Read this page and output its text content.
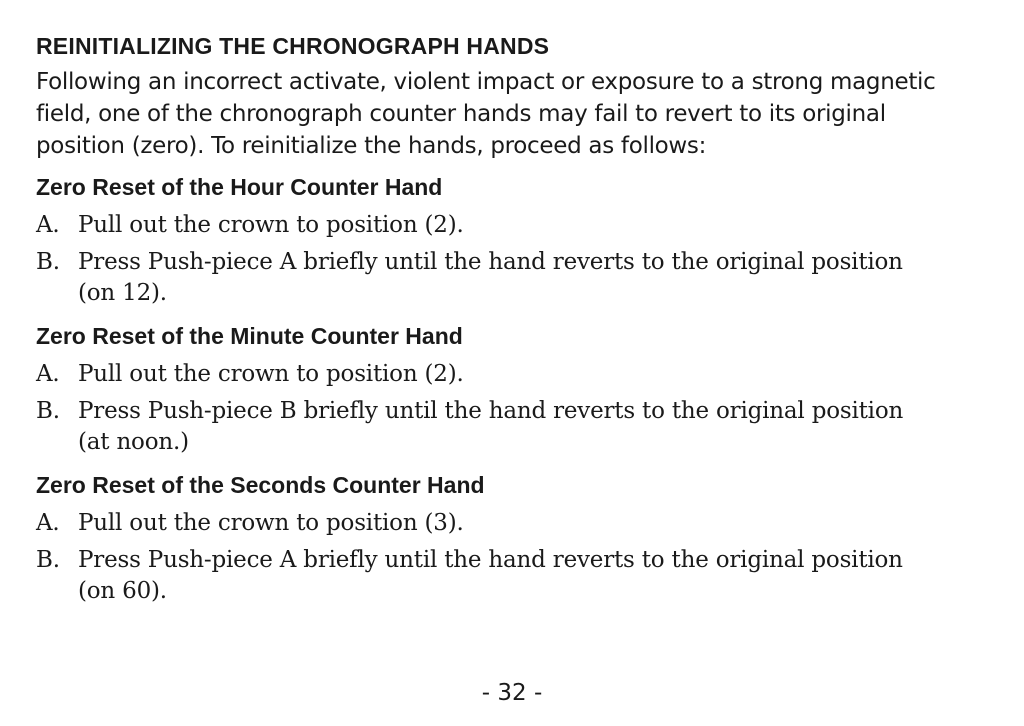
REINITIALIZING THE CHRONOGRAPH HANDS

Following an incorrect activate, violent impact or exposure to a strong magnetic field, one of the chronograph counter hands may fail to revert to its original position (zero). To reinitialize the hands, proceed as follows:

Zero Reset of the Hour Counter Hand
A. Pull out the crown to position (2).
B. Press Push-piece A briefly until the hand reverts to the original position (on 12).
Zero Reset of the Minute Counter Hand
A. Pull out the crown to position (2).
B. Press Push-piece B briefly until the hand reverts to the original position (at noon.)
Zero Reset of the Seconds Counter Hand
A. Pull out the crown to position (3).
B. Press Push-piece A briefly until the hand reverts to the original position (on 60).
- 32 -
